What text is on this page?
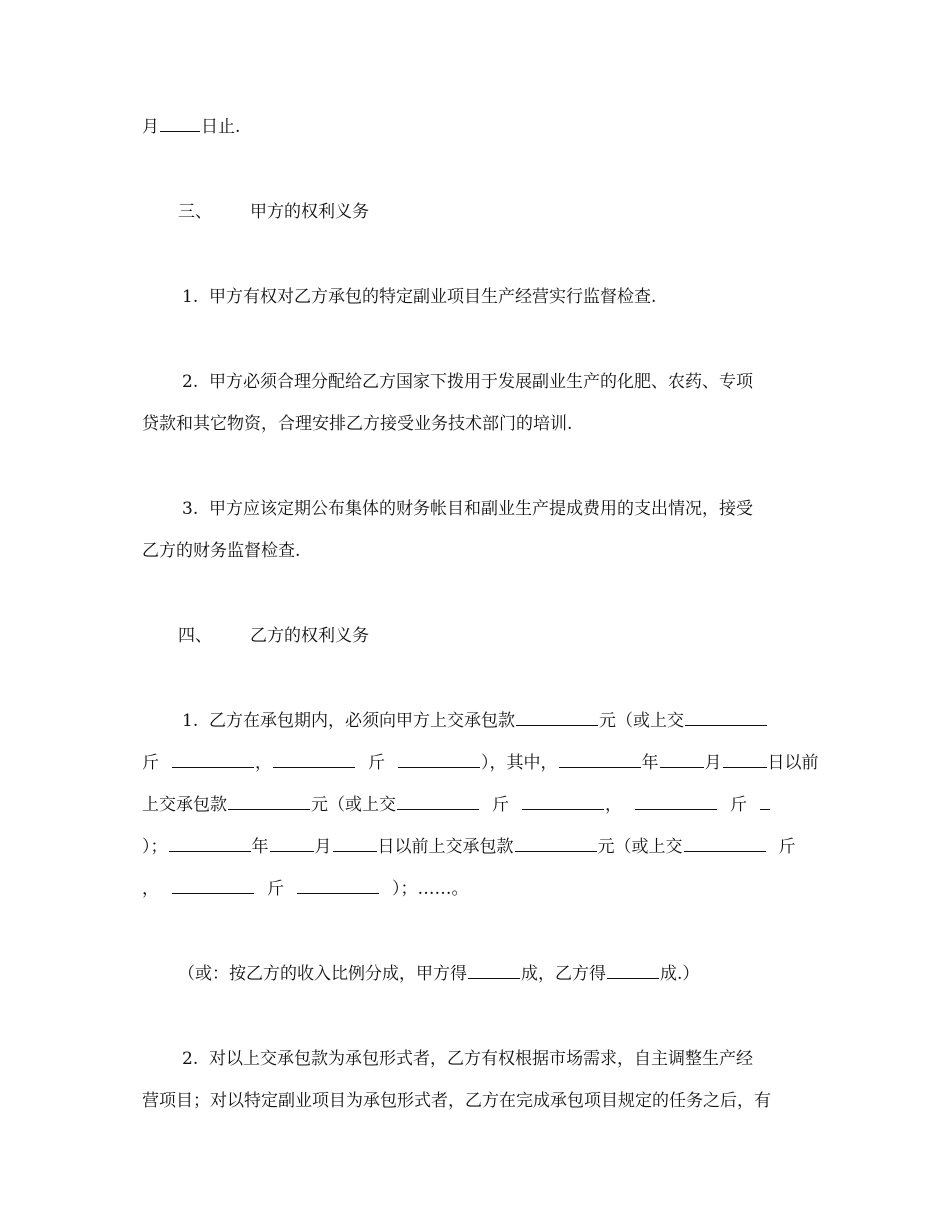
月 日止.
三、 甲方的权利义务
1.  甲方有权对乙方承包的特定副业项目生产经营实行监督检查.
2.  甲方必须合理分配给乙方国家下拨用于发展副业生产的化肥、农药、专项
贷款和其它物资，合理安排乙方接受业务技术部门的培训.
3.  甲方应该定期公布集体的财务帐目和副业生产提成费用的支出情况，接受
乙方的财务监督检查.
四、 乙方的权利义务
1.  乙方在承包期内，必须向甲方上交承包款	元（或上交
斤	，	斤	），其中，	年	月	日以前
上交承包款	元（或上交	斤	，	斤
）；	年	月	日以前上交承包款	元（或上交	斤
，	斤	）；……。
（或：按乙方的收入比例分成，甲方得	成，乙方得	成.）
2.  对以上交承包款为承包形式者，乙方有权根据市场需求，自主调整生产经
营项目；对以特定副业项目为承包形式者，乙方在完成承包项目规定的任务之后，有
